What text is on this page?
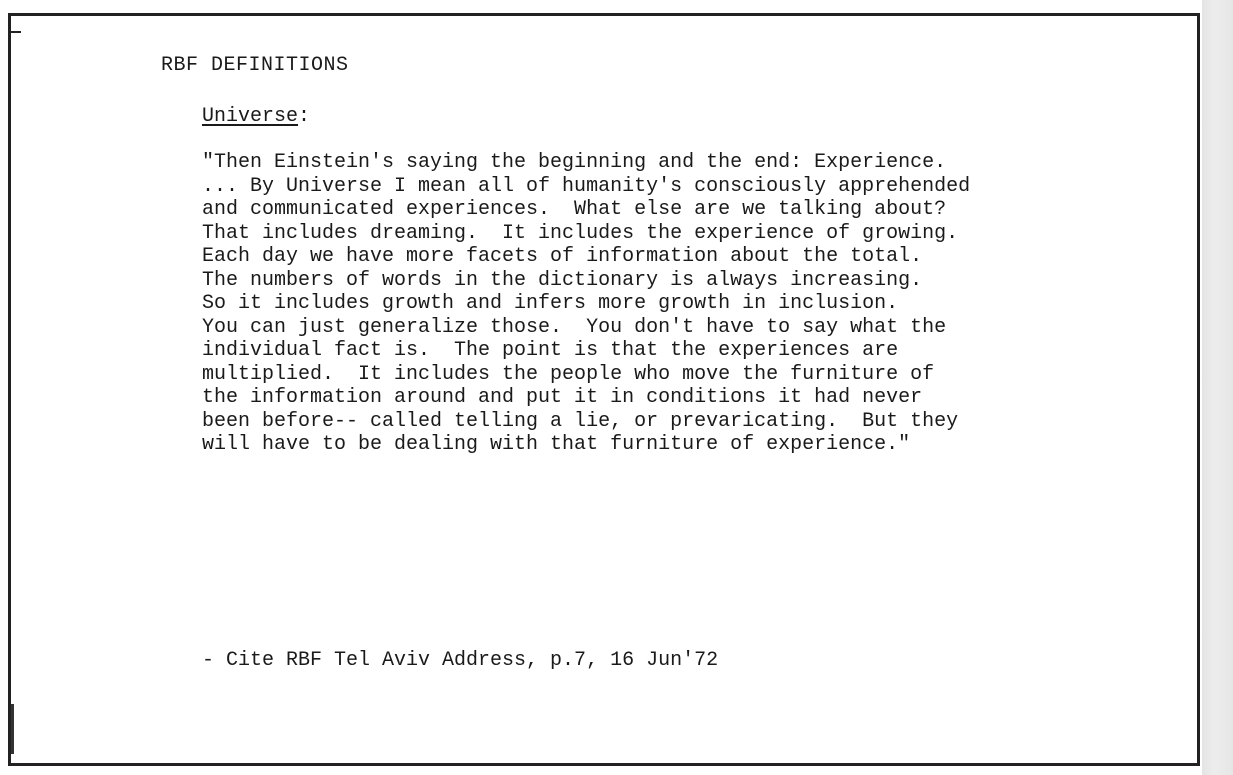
RBF DEFINITIONS

Universe:

"Then Einstein's saying the beginning and the end: Experience.
... By Universe I mean all of humanity's consciously apprehended
and communicated experiences.  What else are we talking about?
That includes dreaming.  It includes the experience of growing.
Each day we have more facets of information about the total.
The numbers of words in the dictionary is always increasing.
So it includes growth and infers more growth in inclusion.
You can just generalize those.  You don't have to say what the
individual fact is.  The point is that the experiences are
multiplied.  It includes the people who move the furniture of
the information around and put it in conditions it had never
been before-- called telling a lie, or prevaricating.  But they
will have to be dealing with that furniture of experience."

- Cite RBF Tel Aviv Address, p.7, 16 Jun'72
